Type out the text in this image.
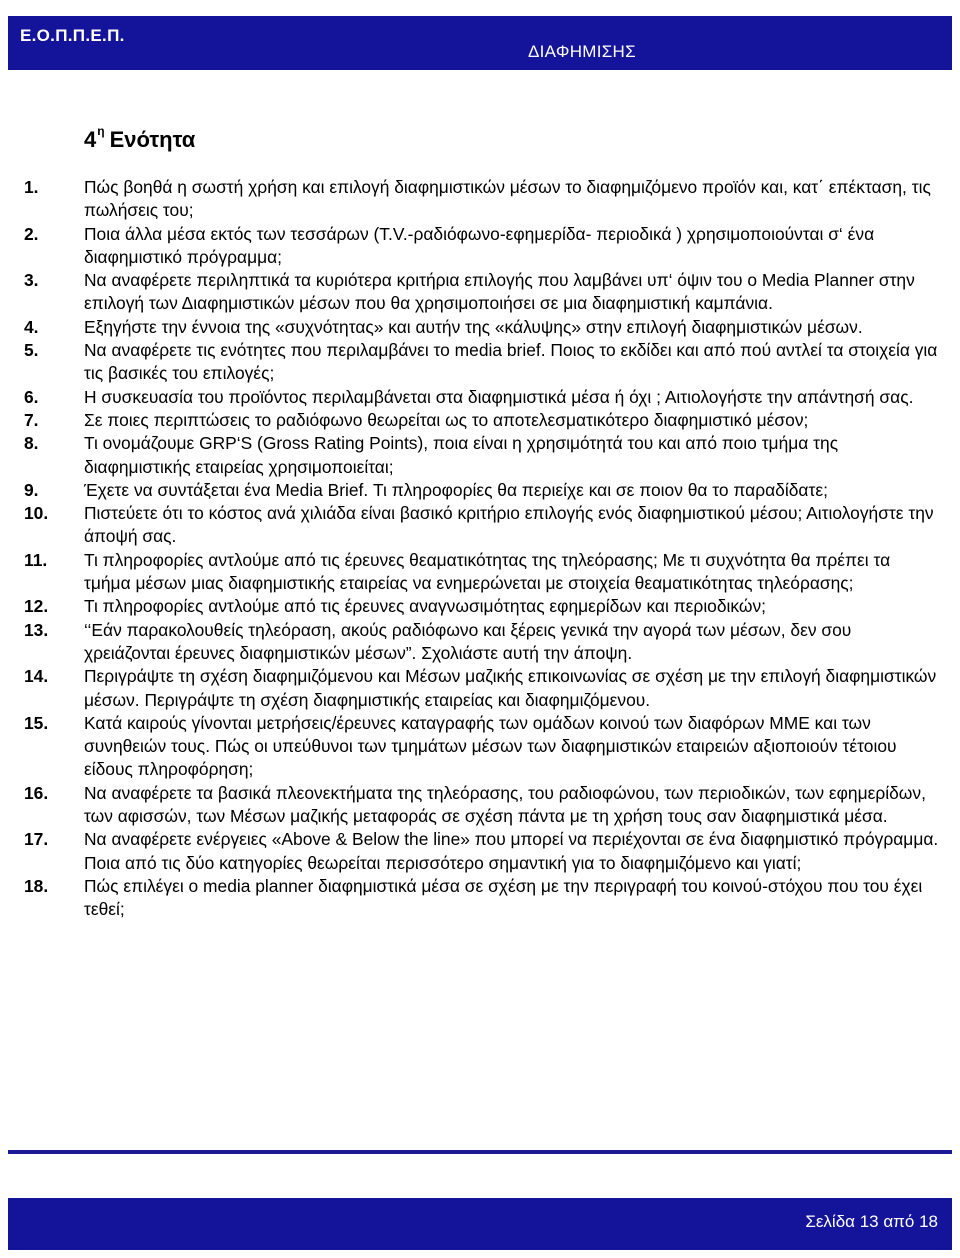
Ε.Ο.Π.Π.Ε.Π.
ΔΙΑΦΗΜΙΣΗΣ
$4^\eta$ Ενότητα
1.	Πώς βοηθά η σωστή χρήση και επιλογή διαφημιστικών μέσων το διαφημιζόμενο προϊόν και, κατ΄ επέκταση, τις πωλήσεις του;
2.	Ποια άλλα μέσα εκτός των τεσσάρων (T.V.-ραδιόφωνο-εφημερίδα- περιοδικά ) χρησιμοποιούνται σ‘ ένα διαφημιστικό πρόγραμμα;
3.	Να αναφέρετε περιληπτικά τα κυριότερα κριτήρια επιλογής που λαμβάνει υπ‘ όψιν του ο Media Planner στην επιλογή των Διαφημιστικών μέσων που θα χρησιμοποιήσει σε μια διαφημιστική καμπάνια.
4.	Εξηγήστε την έννοια της «συχνότητας» και αυτήν της «κάλυψης» στην επιλογή διαφημιστικών μέσων.
5.	Να αναφέρετε τις ενότητες που περιλαμβάνει το media brief. Ποιος το εκδίδει και από πού αντλεί τα στοιχεία για τις βασικές του επιλογές;
6.	Η συσκευασία του προϊόντος περιλαμβάνεται στα διαφημιστικά μέσα ή όχι ; Αιτιολογήστε την απάντησή σας.
7.	Σε ποιες περιπτώσεις το ραδιόφωνο θεωρείται ως το αποτελεσματικότερο διαφημιστικό μέσον;
8.	Τι ονομάζουμε GRP‘S (Gross Rating Points), ποια είναι η χρησιμότητά του και από ποιο τμήμα της διαφημιστικής εταιρείας χρησιμοποιείται;
9.	Έχετε να συντάξεται ένα Media Brief. Τι πληροφορίες θα περιείχε και σε ποιον θα το παραδίδατε;
10. Πιστεύετε ότι το κόστος ανά χιλιάδα είναι βασικό κριτήριο επιλογής ενός διαφημιστικού μέσου; Αιτιολογήστε την άποψή σας.
11. Τι πληροφορίες αντλούμε από τις έρευνες θεαματικότητας της τηλεόρασης; Με τι συχνότητα θα πρέπει τα τμήμα μέσων μιας διαφημιστικής εταιρείας να ενημερώνεται με στοιχεία θεαματικότητας τηλεόρασης;
12. Τι πληροφορίες αντλούμε από τις έρευνες αναγνωσιμότητας εφημερίδων και περιοδικών;
13. ‘‘Εάν παρακολουθείς τηλεόραση, ακούς ραδιόφωνο και ξέρεις γενικά την αγορά των μέσων, δεν σου χρειάζονται έρευνες διαφημιστικών μέσων”. Σχολιάστε αυτή την άποψη.
14. Περιγράψτε τη σχέση διαφημιζόμενου και Μέσων μαζικής επικοινωνίας σε σχέση με την επιλογή διαφημιστικών μέσων. Περιγράψτε τη σχέση διαφημιστικής εταιρείας και διαφημιζόμενου.
15. Κατά καιρούς γίνονται μετρήσεις/έρευνες καταγραφής των ομάδων κοινού των διαφόρων ΜΜΕ και των συνηθειών τους. Πώς οι υπεύθυνοι των τμημάτων μέσων των διαφημιστικών εταιρειών αξιοποιούν τέτοιου είδους πληροφόρηση;
16. Να αναφέρετε τα βασικά πλεονεκτήματα της τηλεόρασης, του ραδιοφώνου, των περιοδικών, των εφημερίδων, των αφισσών, των Μέσων μαζικής μεταφοράς σε σχέση πάντα με τη χρήση τους σαν διαφημιστικά μέσα.
17. Να αναφέρετε ενέργειες «Above & Below the line» που μπορεί να περιέχονται σε ένα διαφημιστικό πρόγραμμα. Ποια από τις δύο κατηγορίες θεωρείται περισσότερο σημαντική για το διαφημιζόμενο και γιατί;
18. Πώς επιλέγει ο media planner διαφημιστικά μέσα σε σχέση με την περιγραφή του κοινού-στόχου που του έχει τεθεί;
Σελίδα 13 από 18
